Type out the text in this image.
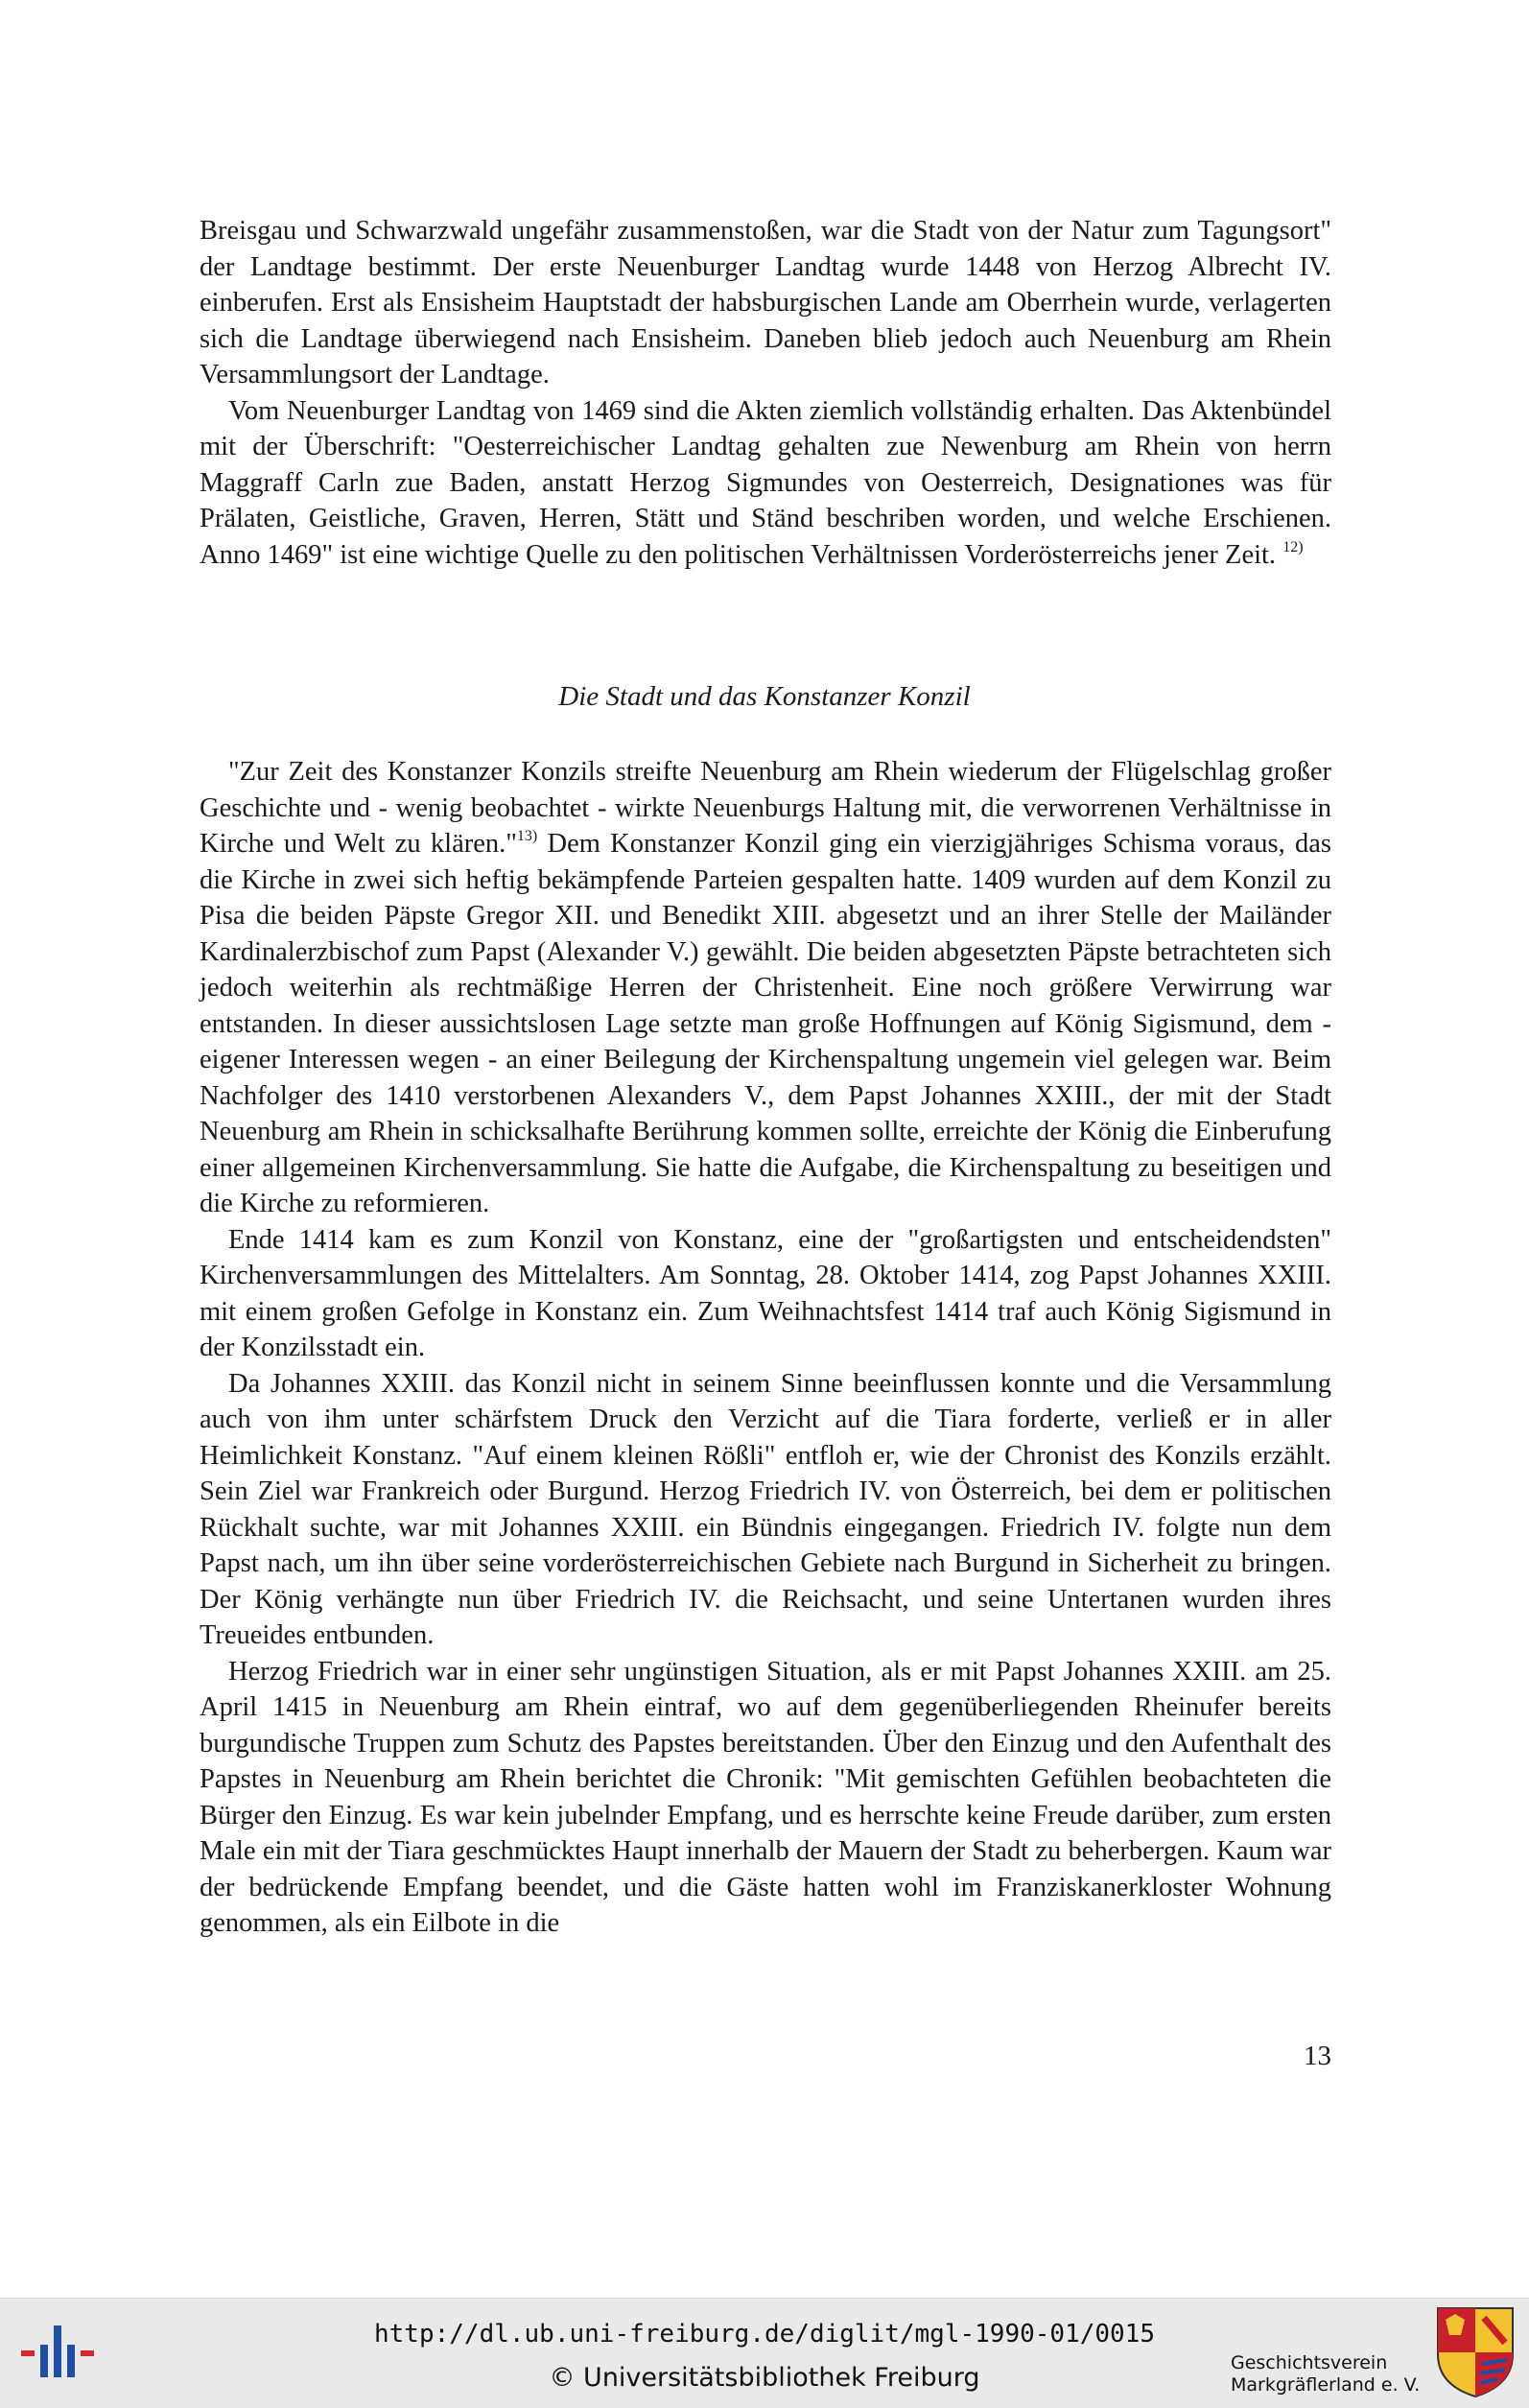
Breisgau und Schwarzwald ungefähr zusammenstoßen, war die Stadt von der Natur zum Tagungsort" der Landtage bestimmt. Der erste Neuenburger Landtag wurde 1448 von Herzog Albrecht IV. einberufen. Erst als Ensisheim Hauptstadt der habsburgischen Lande am Oberrhein wurde, verlagerten sich die Landtage überwiegend nach Ensisheim. Daneben blieb jedoch auch Neuenburg am Rhein Versammlungsort der Landtage.

Vom Neuenburger Landtag von 1469 sind die Akten ziemlich vollständig erhalten. Das Aktenbündel mit der Überschrift: "Oesterreichischer Landtag gehalten zue Newenburg am Rhein von herrn Maggraff Carln zue Baden, anstatt Herzog Sigmundes von Oesterreich, Designationes was für Prälaten, Geistliche, Graven, Herren, Stätt und Ständ beschriben worden, und welche Erschienen. Anno 1469" ist eine wichtige Quelle zu den politischen Verhältnissen Vorderösterreichs jener Zeit. $^{12)}$

Die Stadt und das Konstanzer Konzil

"Zur Zeit des Konstanzer Konzils streifte Neuenburg am Rhein wiederum der Flügelschlag großer Geschichte und - wenig beobachtet - wirkte Neuenburgs Haltung mit, die verworrenen Verhältnisse in Kirche und Welt zu klären."$^{13)}$ Dem Konstanzer Konzil ging ein vierzigjähriges Schisma voraus, das die Kirche in zwei sich heftig bekämpfende Parteien gespalten hatte. 1409 wurden auf dem Konzil zu Pisa die beiden Päpste Gregor XII. und Benedikt XIII. abgesetzt und an ihrer Stelle der Mailänder Kardinalerzbischof zum Papst (Alexander V.) gewählt. Die beiden abgesetzten Päpste betrachteten sich jedoch weiterhin als rechtmäßige Herren der Christenheit. Eine noch größere Verwirrung war entstanden. In dieser aussichtslosen Lage setzte man große Hoffnungen auf König Sigismund, dem - eigener Interessen wegen - an einer Beilegung der Kirchenspaltung ungemein viel gelegen war. Beim Nachfolger des 1410 verstorbenen Alexanders V., dem Papst Johannes XXIII., der mit der Stadt Neuenburg am Rhein in schicksalhafte Berührung kommen sollte, erreichte der König die Einberufung einer allgemeinen Kirchenversammlung. Sie hatte die Aufgabe, die Kirchenspaltung zu beseitigen und die Kirche zu reformieren.

Ende 1414 kam es zum Konzil von Konstanz, eine der "großartigsten und entscheidendsten" Kirchenversammlungen des Mittelalters. Am Sonntag, 28. Oktober 1414, zog Papst Johannes XXIII. mit einem großen Gefolge in Konstanz ein. Zum Weihnachtsfest 1414 traf auch König Sigismund in der Konzilsstadt ein.

Da Johannes XXIII. das Konzil nicht in seinem Sinne beeinflussen konnte und die Versammlung auch von ihm unter schärfstem Druck den Verzicht auf die Tiara forderte, verließ er in aller Heimlichkeit Konstanz. "Auf einem kleinen Rößli" entfloh er, wie der Chronist des Konzils erzählt. Sein Ziel war Frankreich oder Burgund. Herzog Friedrich IV. von Österreich, bei dem er politischen Rückhalt suchte, war mit Johannes XXIII. ein Bündnis eingegangen. Friedrich IV. folgte nun dem Papst nach, um ihn über seine vorderösterreichischen Gebiete nach Burgund in Sicherheit zu bringen. Der König verhängte nun über Friedrich IV. die Reichsacht, und seine Untertanen wurden ihres Treueides entbunden.

Herzog Friedrich war in einer sehr ungünstigen Situation, als er mit Papst Johannes XXIII. am 25. April 1415 in Neuenburg am Rhein eintraf, wo auf dem gegenüberliegenden Rheinufer bereits burgundische Truppen zum Schutz des Papstes bereitstanden. Über den Einzug und den Aufenthalt des Papstes in Neuenburg am Rhein berichtet die Chronik: "Mit gemischten Gefühlen beobachteten die Bürger den Einzug. Es war kein jubelnder Empfang, und es herrschte keine Freude darüber, zum ersten Male ein mit der Tiara geschmücktes Haupt innerhalb der Mauern der Stadt zu beherbergen. Kaum war der bedrückende Empfang beendet, und die Gäste hatten wohl im Franziskanerkloster Wohnung genommen, als ein Eilbote in die

13
http://dl.ub.uni-freiburg.de/diglit/mgl-1990-01/0015
© Universitätsbibliothek Freiburg	Geschichtsverein
Markgräflerland e. V.
